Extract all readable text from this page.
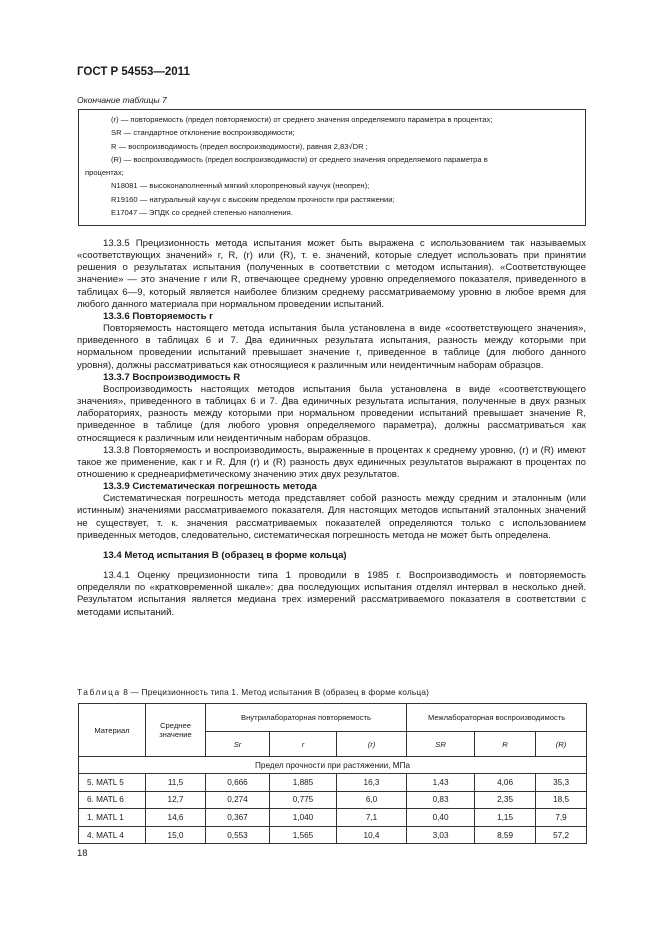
ГОСТ Р 54553—2011
Окончание таблицы 7
(r) — повторяемость (предел повторяемости) от среднего значения определяемого параметра в процентах;
SR — стандартное отклонение воспроизводимости;
R — воспроизводимость (предел воспроизводимости), равная 2,83√DR ;
(R) — воспроизводимость (предел воспроизводимости) от среднего значения определяемого параметра в
процентах;
N18081 — высоконаполненный мягкий хлоропреновый каучук (неопрен);
R19160 — натуральный каучук с высоким пределом прочности при растяжении;
E17047 — ЭПДК со средней степенью наполнения.

13.3.5 Прецизионность метода испытания может быть выражена с использованием так называемых «соответствующих значений» r, R, (r) или (R), т. е. значений, которые следует использовать при принятии решения о результатах испытания (полученных в соответствии с методом испытания). «Соответствующее значение» — это значение r или R, отвечающее среднему уровню определяемого показателя, приведенного в таблицах 6—9, который является наиболее близким среднему рассматриваемому уровню в любое время для любого данного материала при нормальном проведении испытаний.

13.3.6 Повторяемость r

Повторяемость настоящего метода испытания была установлена в виде «соответствующего значения», приведенного в таблицах 6 и 7. Два единичных результата испытания, разность между которыми при нормальном проведении испытаний превышает значение r, приведенное в таблице (для любого данного уровня), должны рассматриваться как относящиеся к различным или неидентичным наборам образцов.

13.3.7 Воспроизводимость R

Воспроизводимость настоящих методов испытания была установлена в виде «соответствующего значения», приведенного в таблицах 6 и 7. Два единичных результата испытания, полученные в двух разных лабораториях, разность между которыми при нормальном проведении испытаний превышает значение R, приведенное в таблице (для любого уровня определяемого параметра), должны рассматриваться как относящиеся к различным или неидентичным наборам образцов.

13.3.8 Повторяемость и воспроизводимость, выраженные в процентах к среднему уровню, (r) и (R) имеют такое же применение, как r и R. Для (r) и (R) разность двух единичных результатов выражают в процентах по отношению к среднеарифметическому значению этих двух результатов.

13.3.9 Систематическая погрешность метода

Систематическая погрешность метода представляет собой разность между средним и эталонным (или истинным) значениями рассматриваемого показателя. Для настоящих методов испытаний эталонных значений не существует, т. к. значения рассматриваемых показателей определяются только с использованием приведенных методов, следовательно, систематическая погрешность метода не может быть определена.

13.4 Метод испытания В (образец в форме кольца)

13.4.1 Оценку прецизионности типа 1 проводили в 1985 г. Воспроизводимость и повторяемость определяли по «кратковременной шкале»: два последующих испытания отделял интервал в несколько дней. Результатом испытания является медиана трех измерений рассматриваемого показателя в соответствии с методами испытаний.

Таблица 8 — Прецизионность типа 1. Метод испытания В (образец в форме кольца)
Материал	Среднее значение	Внутрилабораторная повторяемость			Межлабораторная воспроизводимость		
		Sr	r	(r)	SR	R	(R)
Предел прочности при растяжении, МПа							
5. MATL 5	11,5	0,666	1,885	16,3	1,43	4,06	35,3
6. MATL 6	12,7	0,274	0,775	6,0	0,83	2,35	18,5
1. MATL 1	14,6	0,367	1,040	7,1	0,40	1,15	7,9
4. MATL 4	15,0	0,553	1,565	10,4	3,03	8,59	57,2
18
